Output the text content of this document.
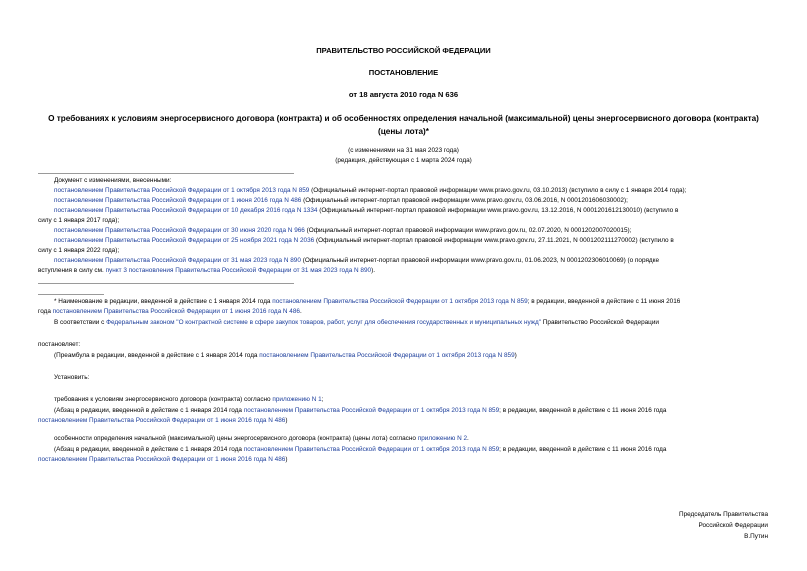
ПРАВИТЕЛЬСТВО РОССИЙСКОЙ ФЕДЕРАЦИИ
ПОСТАНОВЛЕНИЕ
от 18 августа 2010 года N 636
О требованиях к условиям энергосервисного договора (контракта) и об особенностях определения начальной (максимальной) цены энергосервисного договора (контракта) (цены лота)*
(с изменениями на 31 мая 2023 года)
(редакция, действующая с 1 марта 2024 года)
Документ с изменениями, внесенными:
постановлением Правительства Российской Федерации от 1 октября 2013 года N 859 (Официальный интернет-портал правовой информации www.pravo.gov.ru, 03.10.2013) (вступило в силу с 1 января 2014 года);
постановлением Правительства Российской Федерации от 1 июня 2016 года N 486 (Официальный интернет-портал правовой информации www.pravo.gov.ru, 03.06.2016, N 0001201606030002);
постановлением Правительства Российской Федерации от 10 декабря 2016 года N 1334 (Официальный интернет-портал правовой информации www.pravo.gov.ru, 13.12.2016, N 0001201612130010) (вступило в
силу с 1 января 2017 года);
постановлением Правительства Российской Федерации от 30 июня 2020 года N 966 (Официальный интернет-портал правовой информации www.pravo.gov.ru, 02.07.2020, N 0001202007020015);
постановлением Правительства Российской Федерации от 25 ноября 2021 года N 2036 (Официальный интернет-портал правовой информации www.pravo.gov.ru, 27.11.2021, N 0001202111270002) (вступило в
силу с 1 января 2022 года);
постановлением Правительства Российской Федерации от 31 мая 2023 года N 890 (Официальный интернет-портал правовой информации www.pravo.gov.ru, 01.06.2023, N 0001202306010069) (о порядке
вступления в силу см. пункт 3 постановления Правительства Российской Федерации от 31 мая 2023 года N 890).
* Наименование в редакции, введенной в действие с 1 января 2014 года постановлением Правительства Российской Федерации от 1 октября 2013 года N 859; в редакции, введенной в действие с 11 июня 2016
года постановлением Правительства Российской Федерации от 1 июня 2016 года N 486.
В соответствии с Федеральным законом "О контрактной системе в сфере закупок товаров, работ, услуг для обеспечения государственных и муниципальных нужд" Правительство Российской Федерации
постановляет:
(Преамбула в редакции, введенной в действие с 1 января 2014 года постановлением Правительства Российской Федерации от 1 октября 2013 года N 859)
Установить:
требования к условиям энергосервисного договора (контракта) согласно приложению N 1;
(Абзац в редакции, введенной в действие с 1 января 2014 года постановлением Правительства Российской Федерации от 1 октября 2013 года N 859; в редакции, введенной в действие с 11 июня 2016 года
постановлением Правительства Российской Федерации от 1 июня 2016 года N 486)
особенности определения начальной (максимальной) цены энергосервисного договора (контракта) (цены лота) согласно приложению N 2.
(Абзац в редакции, введенной в действие с 1 января 2014 года постановлением Правительства Российской Федерации от 1 октября 2013 года N 859; в редакции, введенной в действие с 11 июня 2016 года
постановлением Правительства Российской Федерации от 1 июня 2016 года N 486)
Председатель Правительства
Российской Федерации
В.Путин
